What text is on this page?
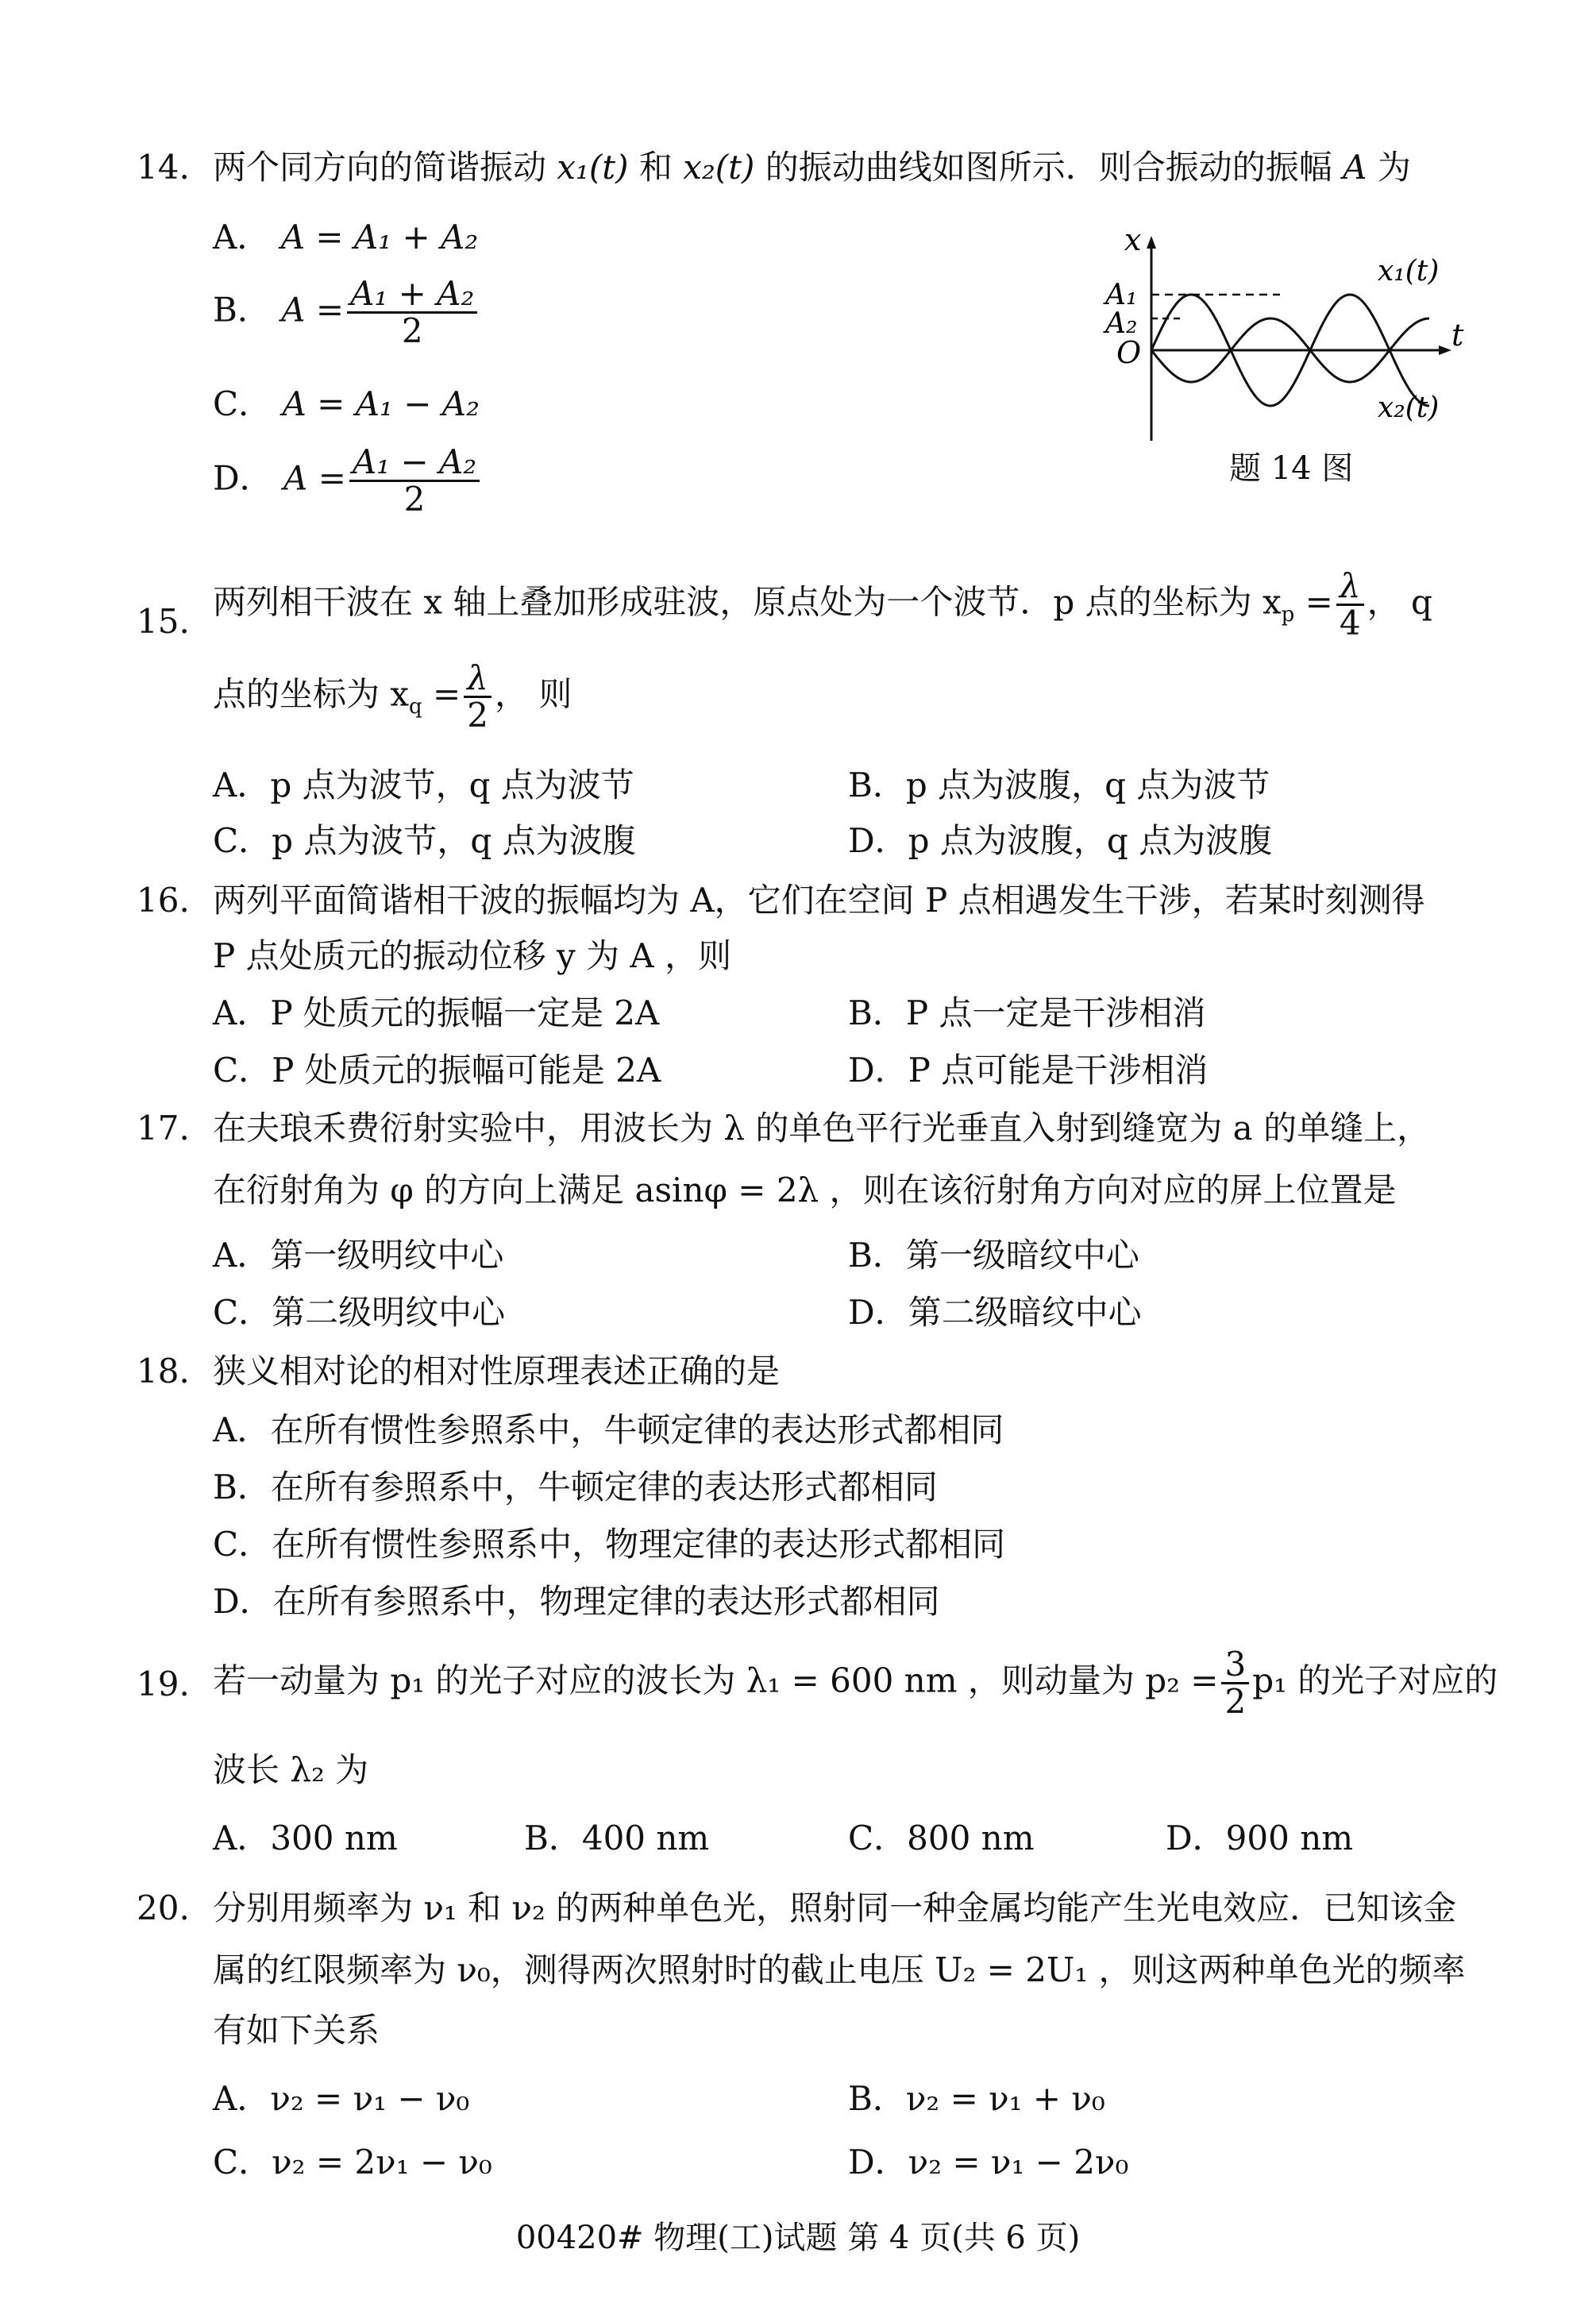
14. 两个同方向的简谐振动 x₁(t) 和 x₂(t) 的振动曲线如图所示．则合振动的振幅 A 为
A． A = A₁ + A₂
B． $A = \frac{\text{A₁ + A₂}}{2}$
C． A = A₁ − A₂
D． $A = \frac{\text{A₁ − A₂}}{2}$
x
t
O
A₁
A₂
x₁(t)
x₂(t)
题 14 图
15. 两列相干波在 x 轴上叠加形成驻波，原点处为一个波节．p 点的坐标为 $x_p = \frac{\lambda}{4}$ ， q
点的坐标为 $x_q = \frac{\lambda}{2}$ ， 则
A．p 点为波节，q 点为波节	B．p 点为波腹，q 点为波节
C．p 点为波节，q 点为波腹	D．p 点为波腹，q 点为波腹
16. 两列平面简谐相干波的振幅均为 A，它们在空间 P 点相遇发生干涉，若某时刻测得
P 点处质元的振动位移 y 为 A ，则
A．P 处质元的振幅一定是 2A	B．P 点一定是干涉相消
C．P 处质元的振幅可能是 2A	D．P 点可能是干涉相消
17. 在夫琅禾费衍射实验中，用波长为 λ 的单色平行光垂直入射到缝宽为 a 的单缝上，
在衍射角为 φ 的方向上满足 asinφ = 2λ ，则在该衍射角方向对应的屏上位置是
A．第一级明纹中心	B．第一级暗纹中心
C．第二级明纹中心	D．第二级暗纹中心
18. 狭义相对论的相对性原理表述正确的是
A．在所有惯性参照系中，牛顿定律的表达形式都相同
B．在所有参照系中，牛顿定律的表达形式都相同
C．在所有惯性参照系中，物理定律的表达形式都相同
D．在所有参照系中，物理定律的表达形式都相同
19. 若一动量为 p₁ 的光子对应的波长为 λ₁ = 600 nm ，则动量为 $p_2 = \frac{3}{2} p_1$ 的光子对应的
波长 λ₂ 为
A．300 nm	B．400 nm	C．800 nm	D．900 nm
20. 分别用频率为 ν₁ 和 ν₂ 的两种单色光，照射同一种金属均能产生光电效应．已知该金
属的红限频率为 ν₀，测得两次照射时的截止电压 U₂ = 2U₁ ，则这两种单色光的频率
有如下关系
A．ν₂ = ν₁ − ν₀	B．ν₂ = ν₁ + ν₀
C．ν₂ = 2ν₁ − ν₀	D．ν₂ = ν₁ − 2ν₀
00420# 物理(工)试题 第 4 页(共 6 页)
